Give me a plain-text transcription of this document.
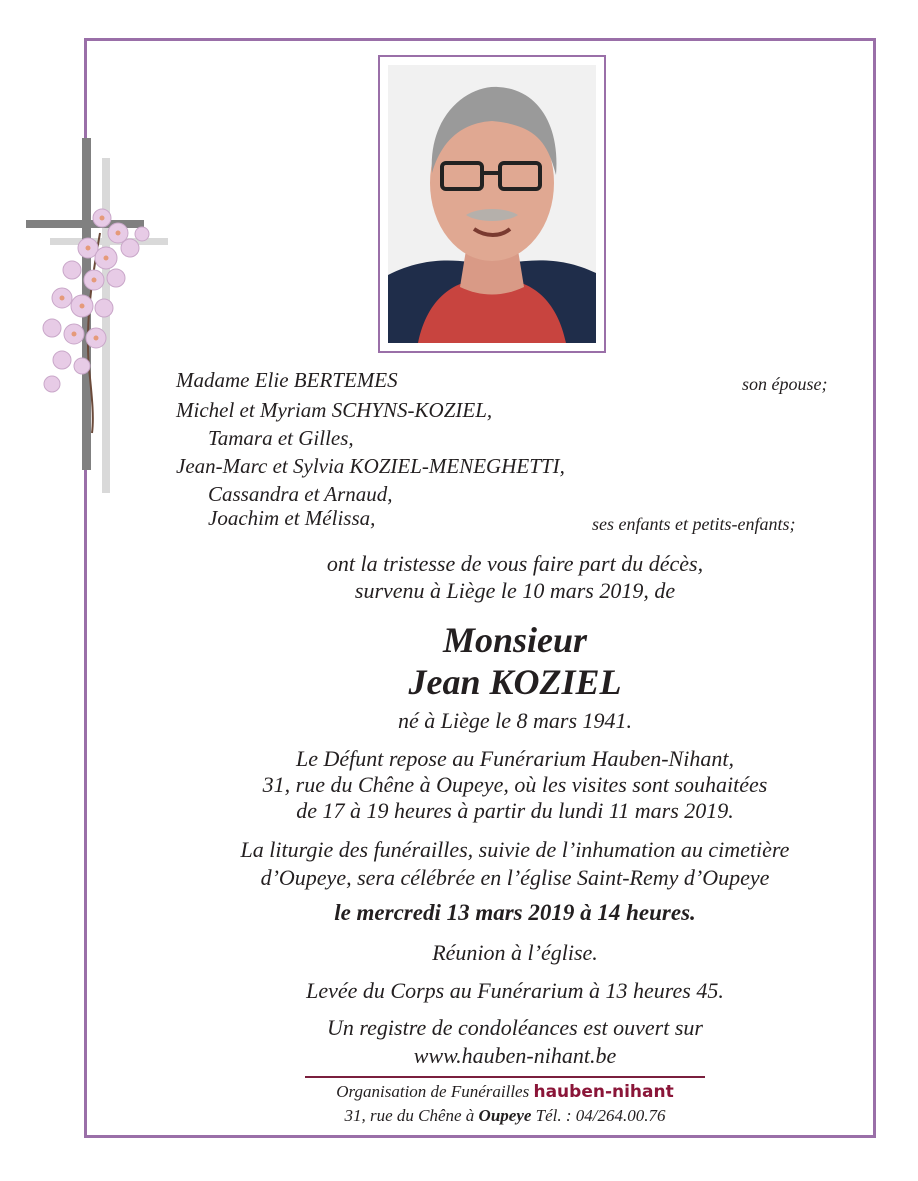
Madame Elie BERTEMES	son épouse;
Michel et Myriam SCHYNS-KOZIEL,
Tamara et Gilles,
Jean-Marc et Sylvia KOZIEL-MENEGHETTI,
Cassandra et Arnaud,
Joachim et Mélissa,	ses enfants et petits-enfants;
ont la tristesse de vous faire part du décès,
survenu à Liège le 10 mars 2019, de
Monsieur
Jean KOZIEL
né à Liège le 8 mars 1941.
Le Défunt repose au Funérarium Hauben-Nihant,
31, rue du Chêne à Oupeye, où les visites sont souhaitées
de 17 à 19 heures à partir du lundi 11 mars 2019.
La liturgie des funérailles, suivie de l’inhumation au cimetière
d’Oupeye, sera célébrée en l’église Saint-Remy d’Oupeye
le mercredi 13 mars 2019 à 14 heures.
Réunion à l’église.
Levée du Corps au Funérarium à 13 heures 45.
Un registre de condoléances est ouvert sur
www.hauben-nihant.be
Organisation de Funérailles hauben-nihant
31, rue du Chêne à Oupeye Tél. : 04/264.00.76
